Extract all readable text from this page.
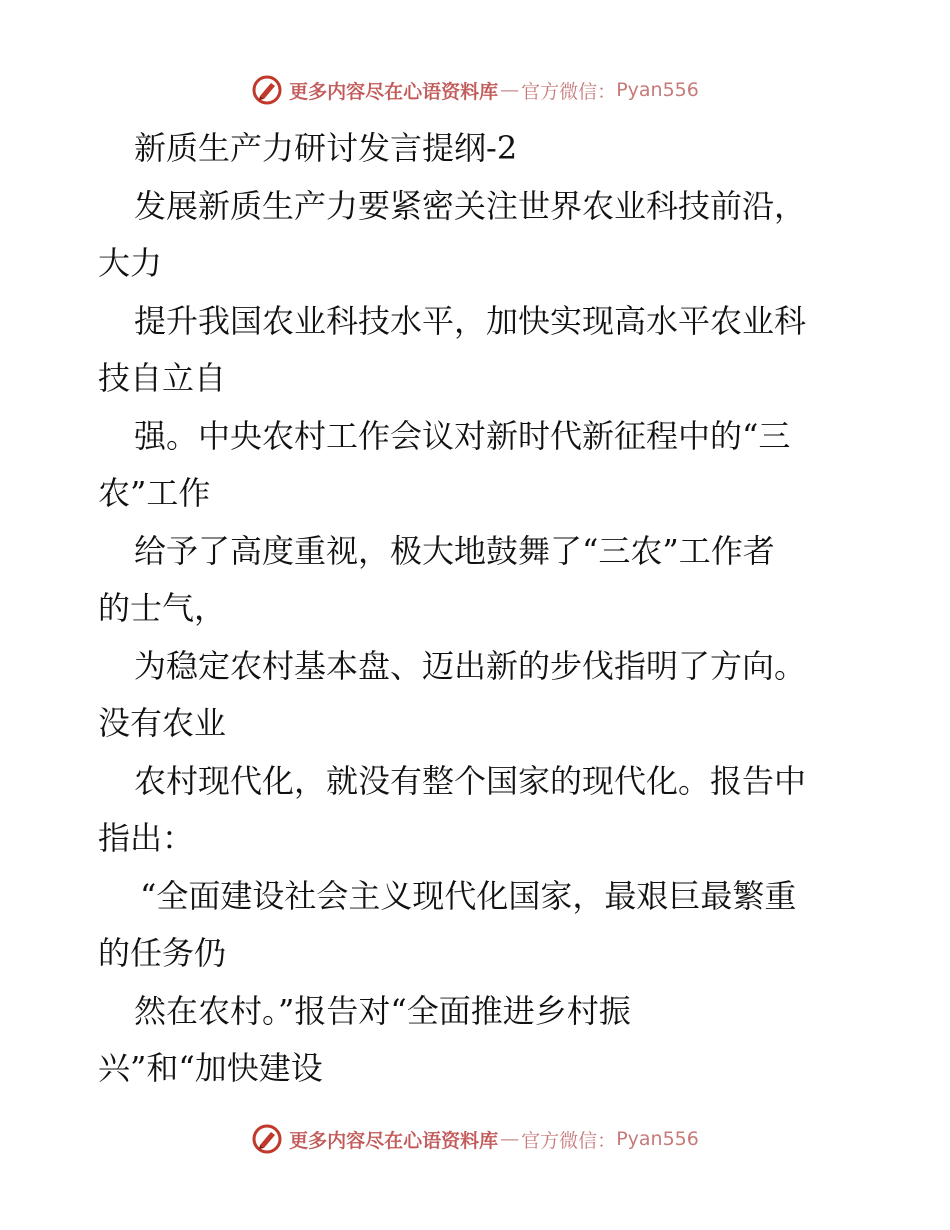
更多内容尽在心语资料库 — 官方微信： Pyan556
新质生产力研讨发言提纲-2
发展新质生产力要紧密关注世界农业科技前沿，
大力
提升我国农业科技水平，加快实现高水平农业科
技自立自
强。中央农村工作会议对新时代新征程中的“三
农”工作
给予了高度重视，极大地鼓舞了“三农”工作者
的士气，
为稳定农村基本盘、迈出新的步伐指明了方向。
没有农业
农村现代化，就没有整个国家的现代化。报告中
指出：
“全面建设社会主义现代化国家，最艰巨最繁重
的任务仍
然在农村。”报告对“全面推进乡村振
兴”和“加快建设
更多内容尽在心语资料库 — 官方微信： Pyan556
